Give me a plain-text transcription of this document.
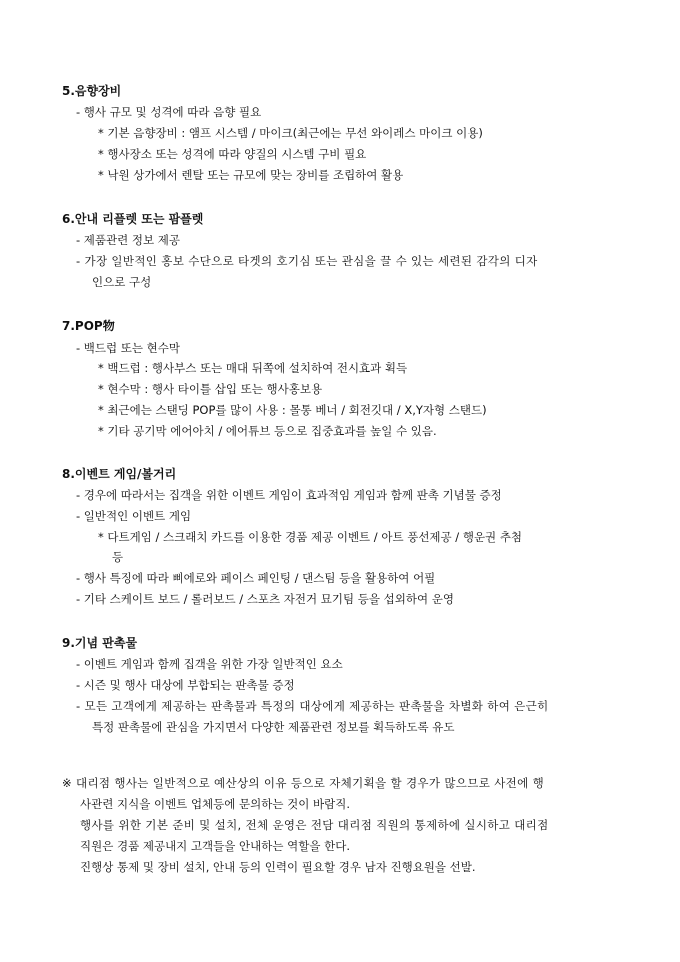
5.음향장비
- 행사 규모 및 성격에 따라 음향 필요
* 기본 음향장비 : 앰프 시스템 / 마이크(최근에는 무선 와이레스 마이크 이용)
* 행사장소 또는 성격에 따라 양질의 시스템 구비 필요
* 낙원 상가에서 렌탈 또는 규모에 맞는 장비를 조립하여 활용
6.안내 리플렛 또는 팜플렛
- 제품관련 정보 제공
- 가장 일반적인 홍보 수단으로 타겟의 호기심 또는 관심을 끌 수 있는 세련된 감각의 디자
인으로 구성
7.POP物
- 백드럽 또는 현수막
* 백드럽 : 행사부스 또는 매대 뒤쪽에 설치하여 전시효과 획득
* 현수막 : 행사 타이틀 삽입 또는 행사홍보용
* 최근에는 스탠딩 POP를 많이 사용 : 몰통 베너 / 회전깃대 / X,Y자형 스탠드)
* 기타 공기막 에어아치 / 에어튜브 등으로 집중효과를 높일 수 있음.
8.이벤트 게임/볼거리
- 경우에 따라서는 집객을 위한 이벤트 게임이 효과적임 게임과 함께 판촉 기념물 증정
- 일반적인 이벤트 게임
* 다트게임 / 스크래치 카드를 이용한 경품 제공 이벤트 / 아트 풍선제공 / 행운권 추첨
등
- 행사 특징에 따라 삐에로와 페이스 페인팅 / 댄스팀 등을 활용하여 어필
- 기타 스케이트 보드 / 롤러보드 / 스포츠 자전거 묘기팀 등을 섭외하여 운영
9.기념 판촉물
- 이벤트 게임과 함께 집객을 위한 가장 일반적인 요소
- 시즌 및 행사 대상에 부합되는 판촉물 증정
- 모든 고객에게 제공하는 판촉물과 특정의 대상에게 제공하는 판촉물을 차별화 하여 은근히
특정 판촉물에 관심을 가지면서 다양한 제품관련 정보를 획득하도록 유도
※ 대리점 행사는 일반적으로 예산상의 이유 등으로 자체기획을 할 경우가 많으므로 사전에 행
사관련 지식을 이벤트 업체등에 문의하는 것이 바람직.
행사를 위한 기본 준비 및 설치, 전체 운영은 전담 대리점 직원의 통제하에 실시하고 대리점
직원은 경품 제공내지 고객들을 안내하는 역할을 한다.
진행상 통제 및 장비 설치, 안내 등의 인력이 필요할 경우 남자 진행요원을 선발.
